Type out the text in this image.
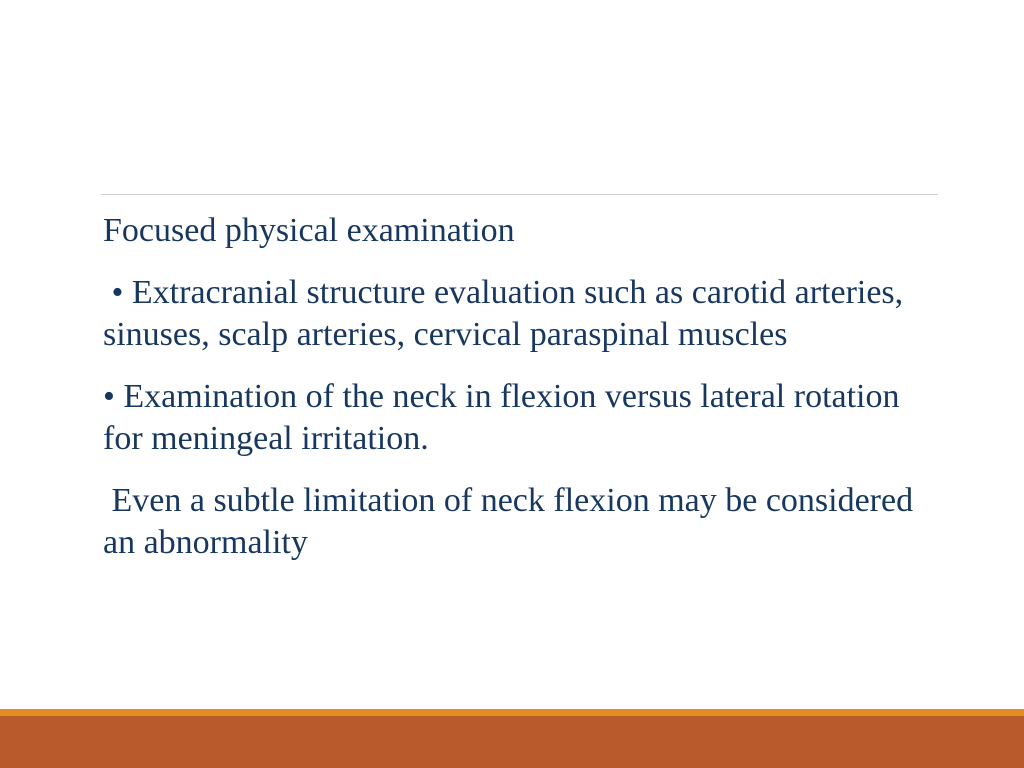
Focused physical examination

• Extracranial structure evaluation such as carotid arteries, sinuses, scalp arteries, cervical paraspinal muscles

• Examination of the neck in flexion versus lateral rotation for meningeal irritation.

Even a subtle limitation of neck flexion may be considered an abnormality
